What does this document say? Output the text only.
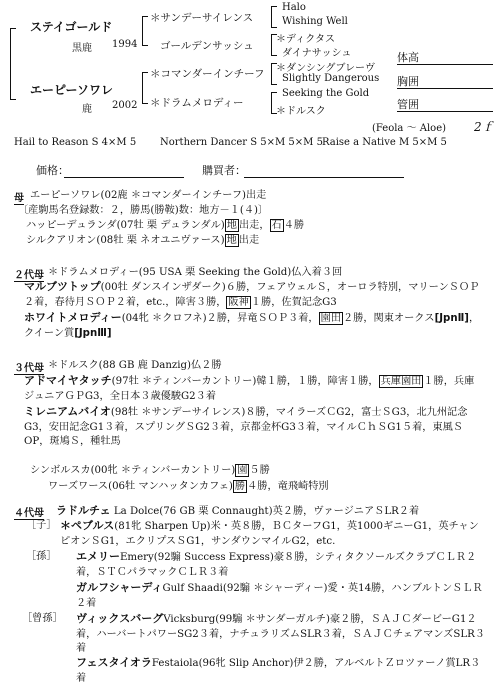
ステイゴールド
黒鹿 1994
エーピーソワレ
鹿 2002
＊サンデーサイレンス
ゴールデンサッシュ
＊コマンダーインチーフ
＊ドラムメロディー
Halo
Wishing Well
＊ディクタス
ダイナサッシュ
＊ダンシングブレーヴ
Slightly Dangerous
Seeking the Gold
＊ドルスク
体高
胸囲
管囲
(Feola ～ Aloe) 2ｆ
Hail to Reason S 4×M 5 Northern Dancer S 5×M 5×M 5 Raise a Native M 5×M 5
価格：	購買者：
母 エーピーソワレ(02鹿 ＊コマンダーインチーフ)出走
〔産駒馬名登録数：２，勝馬(勝鞍)数：地方－１(４)〕
ハッピーデュランダ(07牡 栗 デュランダル) 地 出走， 石 ４勝
シルクアリオン(08牡 栗 ネオユニヴァース) 地 出走
２代母 ＊ドラムメロディー(95 USA 栗 Seeking the Gold)仏入着３回
マルブツトップ(00牡 ダンスインザダーク)６勝，フェアウェルＳ，オーロラ特別，マリーンＳＯＰ２着，春待月ＳＯＰ２着，etc.，障害３勝， 阪神 １勝，佐賀記念G3
ホワイトメロディー(04牝 ＊クロフネ)２勝，昇竜ＳＯＰ３着， 園田 ２勝，関東オークス[JpnⅡ]，クイーン賞[JpnⅢ]
３代母 ＊ドルスク(88 GB 鹿 Danzig)仏２勝
アドマイヤタッチ(97牡 ＊ティンバーカントリー)韓１勝，１勝，障害１勝， 兵庫園田 １勝，兵庫ジュニアＧＰG3，全日本３歳優駿G2３着
ミレニアムバイオ(98牡 ＊サンデーサイレンス)８勝，マイラーズＣG2，富士ＳG3，北九州記念G3，安田記念G1３着，スプリングＳG2３着，京都金杯G3３着，マイルＣｈＳG1５着，東風ＳOP，斑鳩Ｓ，種牡馬
シンボルスカ(00牝 ＊ティンバーカントリー) 園 ５勝
ワーズワース(06牡 マンハッタンカフェ) 勝 ４勝，竜飛崎特別
４代母 ラドルチェ La Dolce(76 GB 栗 Connaught)英２勝，ヴァージニアＳLR２着
［子］ ＊ペブルス(81牝 Sharpen Up)米・英８勝，ＢＣターフG1，英1000ギニーG1，英チャンピオンＳG1，エクリプスＳG1，サンダウンマイルG2，etc.
［孫］ エメリーEmery(92騸 Success Express)豪８勝，シティタクソールズクラブＣＬＲ２着，ＳＴＣパラマックＣＬＲ３着
ガルフシャーディGulf Shaadi(92騸 ＊シャーディー)愛・英14勝，ハンブルトンＳＬＲ２着
［曾孫］ ヴィックスバーグVicksburg(99騸 ＊サンダーガルチ)豪２勝，ＳＡＪＣダービーG1２着，ハーバートパワーSG2３着，ナチュラリズムSLR３着，ＳＡＪＣチェアマンズSLR３着
フェスタイオラFestaiola(96牝 Slip Anchor)伊２勝，アルベルトＺロツァーノ賞LR３着
